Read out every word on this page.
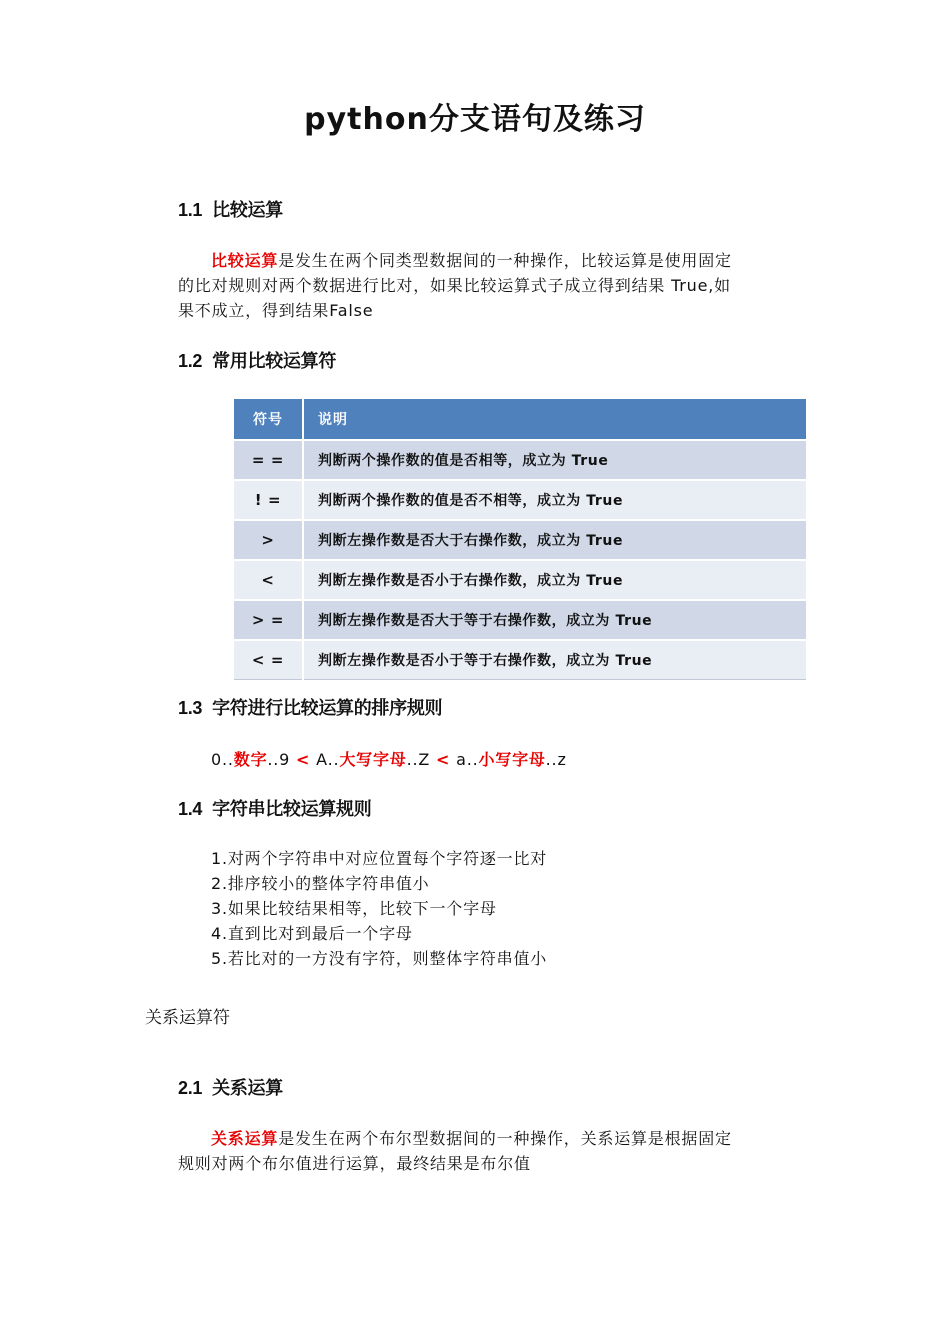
python分支语句及练习
1.1 比较运算
比较运算是发生在两个同类型数据间的一种操作，比较运算是使用固定
的比对规则对两个数据进行比对，如果比较运算式子成立得到结果 True,如
果不成立，得到结果False
1.2 常用比较运算符
符号	说明
= =	判断两个操作数的值是否相等，成立为 True
! =	判断两个操作数的值是否不相等，成立为 True
>	判断左操作数是否大于右操作数，成立为 True
<	判断左操作数是否小于右操作数，成立为 True
> =	判断左操作数是否大于等于右操作数，成立为 True
< =	判断左操作数是否小于等于右操作数，成立为 True
1.3 字符进行比较运算的排序规则
0..数字..9 < A..大写字母..Z < a..小写字母..z
1.4 字符串比较运算规则
1.对两个字符串中对应位置每个字符逐一比对
2.排序较小的整体字符串值小
3.如果比较结果相等，比较下一个字母
4.直到比对到最后一个字母
5.若比对的一方没有字符，则整体字符串值小
关系运算符
2.1 关系运算
关系运算是发生在两个布尔型数据间的一种操作，关系运算是根据固定
规则对两个布尔值进行运算，最终结果是布尔值
